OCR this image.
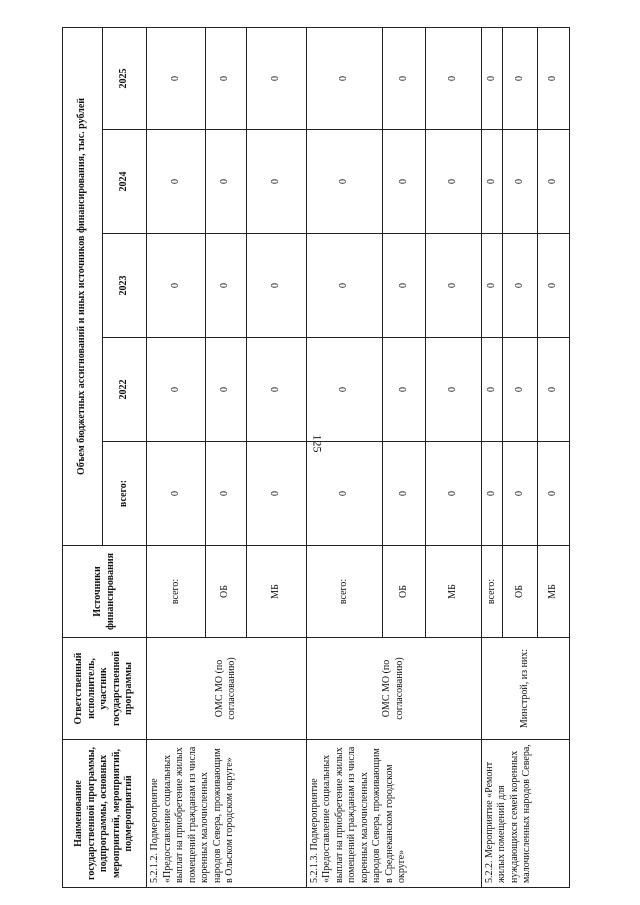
125
Наименование государственной программы, подпрограммы, основных мероприятий, мероприятий, подмероприятий	Ответственный исполнитель, участник государственной программы	Источники финансирования	Объем бюджетных ассигнований и иных источников финансирования, тыс. рублей				
			всего:	2022	2023	2024	2025
5.2.1.2. Подмероприятие «Предоставление социальных выплат на приобретение жилых помещений гражданам из числа коренных малочисленных народов Севера, проживающим в Ольском городском округе»	ОМС МО (по согласованию)	всего:	0	0	0	0	0
		ОБ	0	0	0	0	0
		МБ	0	0	0	0	0
5.2.1.3. Подмероприятие «Предоставление социальных выплат на приобретение жилых помещений гражданам из числа коренных малочисленных народов Севера, проживающим в Среднеканском городском округе»	ОМС МО (по согласованию)	всего:	0	0	0	0	0
		ОБ	0	0	0	0	0
		МБ	0	0	0	0	0
5.2.2. Мероприятие «Ремонт жилых помещений для нуждающихся семей коренных малочисленных народов Севера,	Минстрой, из них:	всего:	0	0	0	0	0
		ОБ	0	0	0	0	0
		МБ	0	0	0	0	0
